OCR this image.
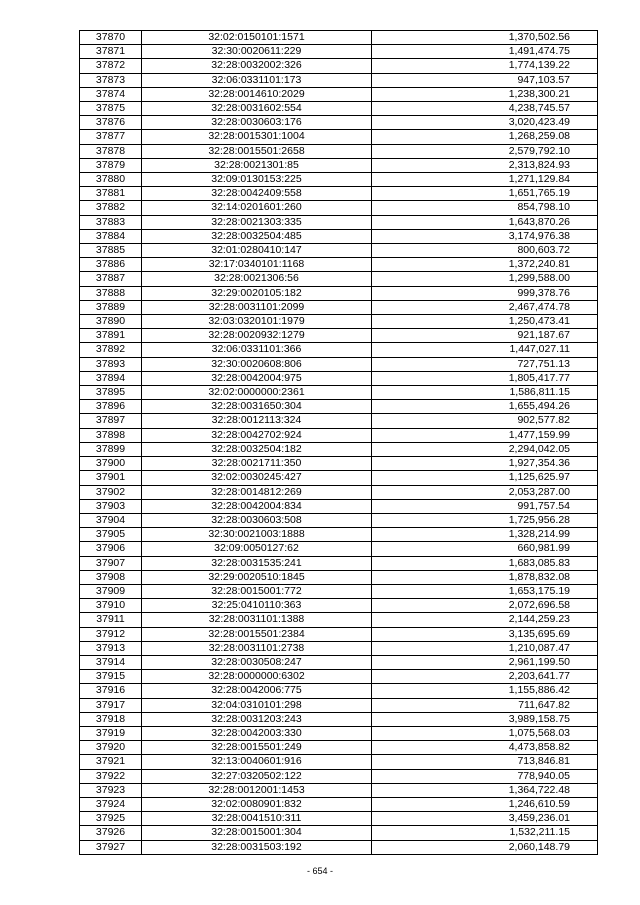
37870	32:02:0150101:1571	1,370,502.56
37871	32:30:0020611:229	1,491,474.75
37872	32:28:0032002:326	1,774,139.22
37873	32:06:0331101:173	947,103.57
37874	32:28:0014610:2029	1,238,300.21
37875	32:28:0031602:554	4,238,745.57
37876	32:28:0030603:176	3,020,423.49
37877	32:28:0015301:1004	1,268,259.08
37878	32:28:0015501:2658	2,579,792.10
37879	32:28:0021301:85	2,313,824.93
37880	32:09:0130153:225	1,271,129.84
37881	32:28:0042409:558	1,651,765.19
37882	32:14:0201601:260	854,798.10
37883	32:28:0021303:335	1,643,870.26
37884	32:28:0032504:485	3,174,976.38
37885	32:01:0280410:147	800,603.72
37886	32:17:0340101:1168	1,372,240.81
37887	32:28:0021306:56	1,299,588.00
37888	32:29:0020105:182	999,378.76
37889	32:28:0031101:2099	2,467,474.78
37890	32:03:0320101:1979	1,250,473.41
37891	32:28:0020932:1279	921,187.67
37892	32:06:0331101:366	1,447,027.11
37893	32:30:0020608:806	727,751.13
37894	32:28:0042004:975	1,805,417.77
37895	32:02:0000000:2361	1,586,811.15
37896	32:28:0031650:304	1,655,494.26
37897	32:28:0012113:324	902,577.82
37898	32:28:0042702:924	1,477,159.99
37899	32:28:0032504:182	2,294,042.05
37900	32:28:0021711:350	1,927,354.36
37901	32:02:0030245:427	1,125,625.97
37902	32:28:0014812:269	2,053,287.00
37903	32:28:0042004:834	991,757.54
37904	32:28:0030603:508	1,725,956.28
37905	32:30:0021003:1888	1,328,214.99
37906	32:09:0050127:62	660,981.99
37907	32:28:0031535:241	1,683,085.83
37908	32:29:0020510:1845	1,878,832.08
37909	32:28:0015001:772	1,653,175.19
37910	32:25:0410110:363	2,072,696.58
37911	32:28:0031101:1388	2,144,259.23
37912	32:28:0015501:2384	3,135,695.69
37913	32:28:0031101:2738	1,210,087.47
37914	32:28:0030508:247	2,961,199.50
37915	32:28:0000000:6302	2,203,641.77
37916	32:28:0042006:775	1,155,886.42
37917	32:04:0310101:298	711,647.82
37918	32:28:0031203:243	3,989,158.75
37919	32:28:0042003:330	1,075,568.03
37920	32:28:0015501:249	4,473,858.82
37921	32:13:0040601:916	713,846.81
37922	32:27:0320502:122	778,940.05
37923	32:28:0012001:1453	1,364,722.48
37924	32:02:0080901:832	1,246,610.59
37925	32:28:0041510:311	3,459,236.01
37926	32:28:0015001:304	1,532,211.15
37927	32:28:0031503:192	2,060,148.79
- 654 -
